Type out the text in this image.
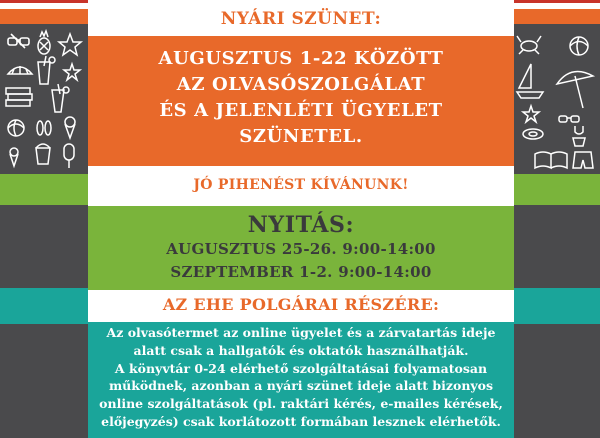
NYÁRI SZÜNET:
AUGUSZTUS 1-22 KÖZÖTT
AZ OLVASÓSZOLGÁLAT
ÉS A JELENLÉTI ÜGYELET
SZÜNETEL.
JÓ PIHENÉST KÍVÁNUNK!
NYITÁS:
AUGUSZTUS 25-26. 9:00-14:00
SZEPTEMBER 1-2. 9:00-14:00
AZ EHE POLGÁRAI RÉSZÉRE:
Az olvasótermet az online ügyelet és a zárvatartás ideje
alatt csak a hallgatók és oktatók használhatják.
A könyvtár 0-24 elérhető szolgáltatásai folyamatosan
működnek, azonban a nyári szünet ideje alatt bizonyos
online szolgáltatások (pl. raktári kérés, e-mailes kérések,
előjegyzés) csak korlátozott formában lesznek elérhetők.
